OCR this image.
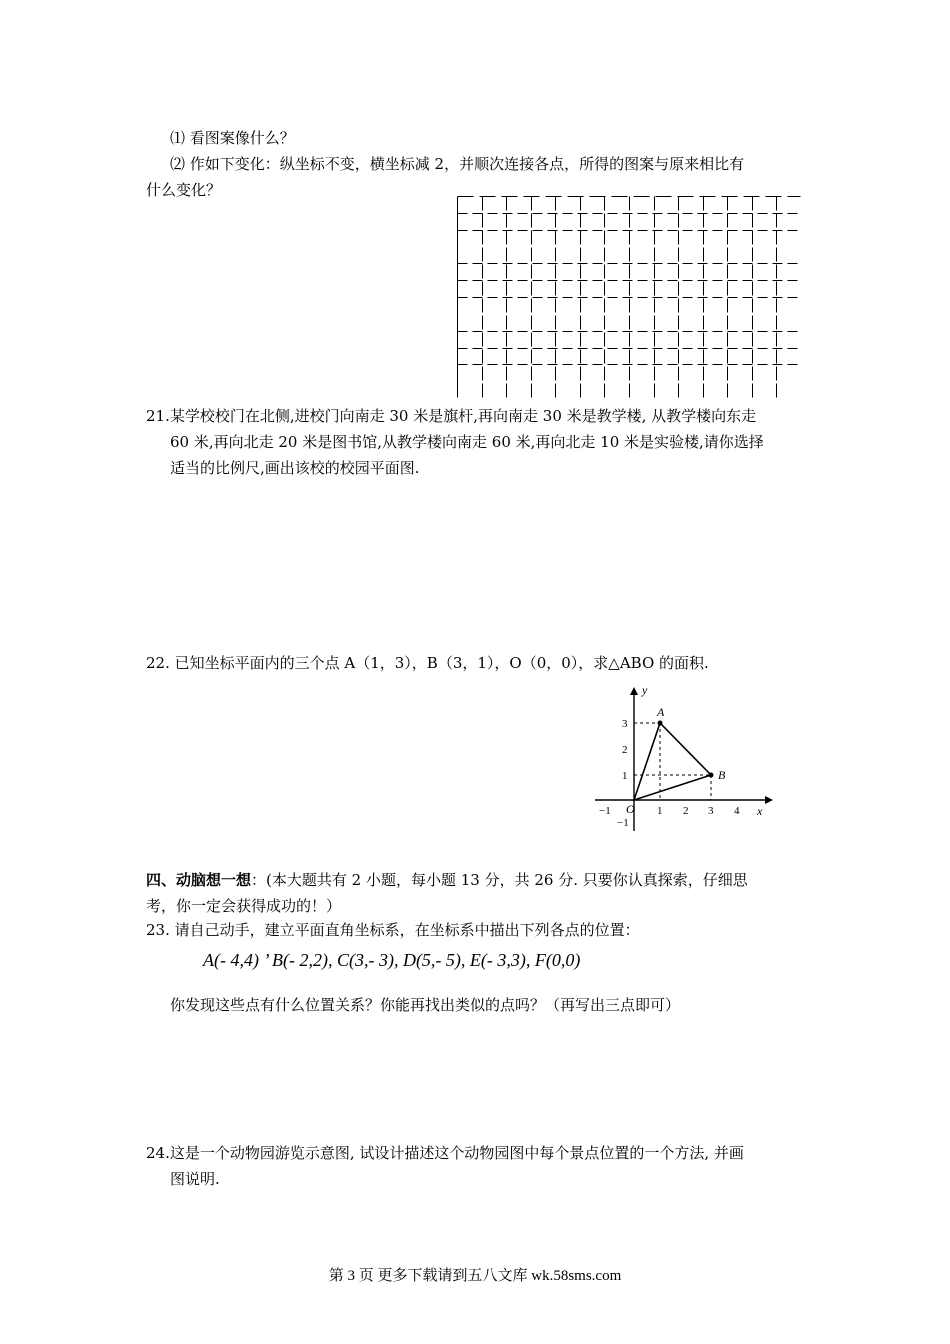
⑴ 看图案像什么？
⑵ 作如下变化：纵坐标不变，横坐标减 2，并顺次连接各点，所得的图案与原来相比有
什么变化？
21.某学校校门在北侧,进校门向南走 30 米是旗杆,再向南走 30 米是教学楼, 从教学楼向东走
60 米,再向北走 20 米是图书馆,从教学楼向南走 60 米,再向北走 10 米是实验楼,请你选择
适当的比例尺,画出该校的校园平面图.
22. 已知坐标平面内的三个点 A（1，3），B（3，1），O（0，0），求△ABO 的面积.
y
x
A
B
O
3
2
1
−1
−1	1 2 3 4
四、动脑想一想：(本大题共有 2 小题，每小题 13 分，共 26 分. 只要你认真探索，仔细思
考，你一定会获得成功的！）
23. 请自己动手，建立平面直角坐标系，在坐标系中描出下列各点的位置：
A(- 4,4) ’ B(- 2,2), C(3,- 3), D(5,- 5), E(- 3,3), F(0,0)
你发现这些点有什么位置关系？你能再找出类似的点吗？（再写出三点即可）
24.这是一个动物园游览示意图, 试设计描述这个动物园图中每个景点位置的一个方法, 并画
图说明.
第 3 页 更多下载请到五八文库 wk.58sms.com
